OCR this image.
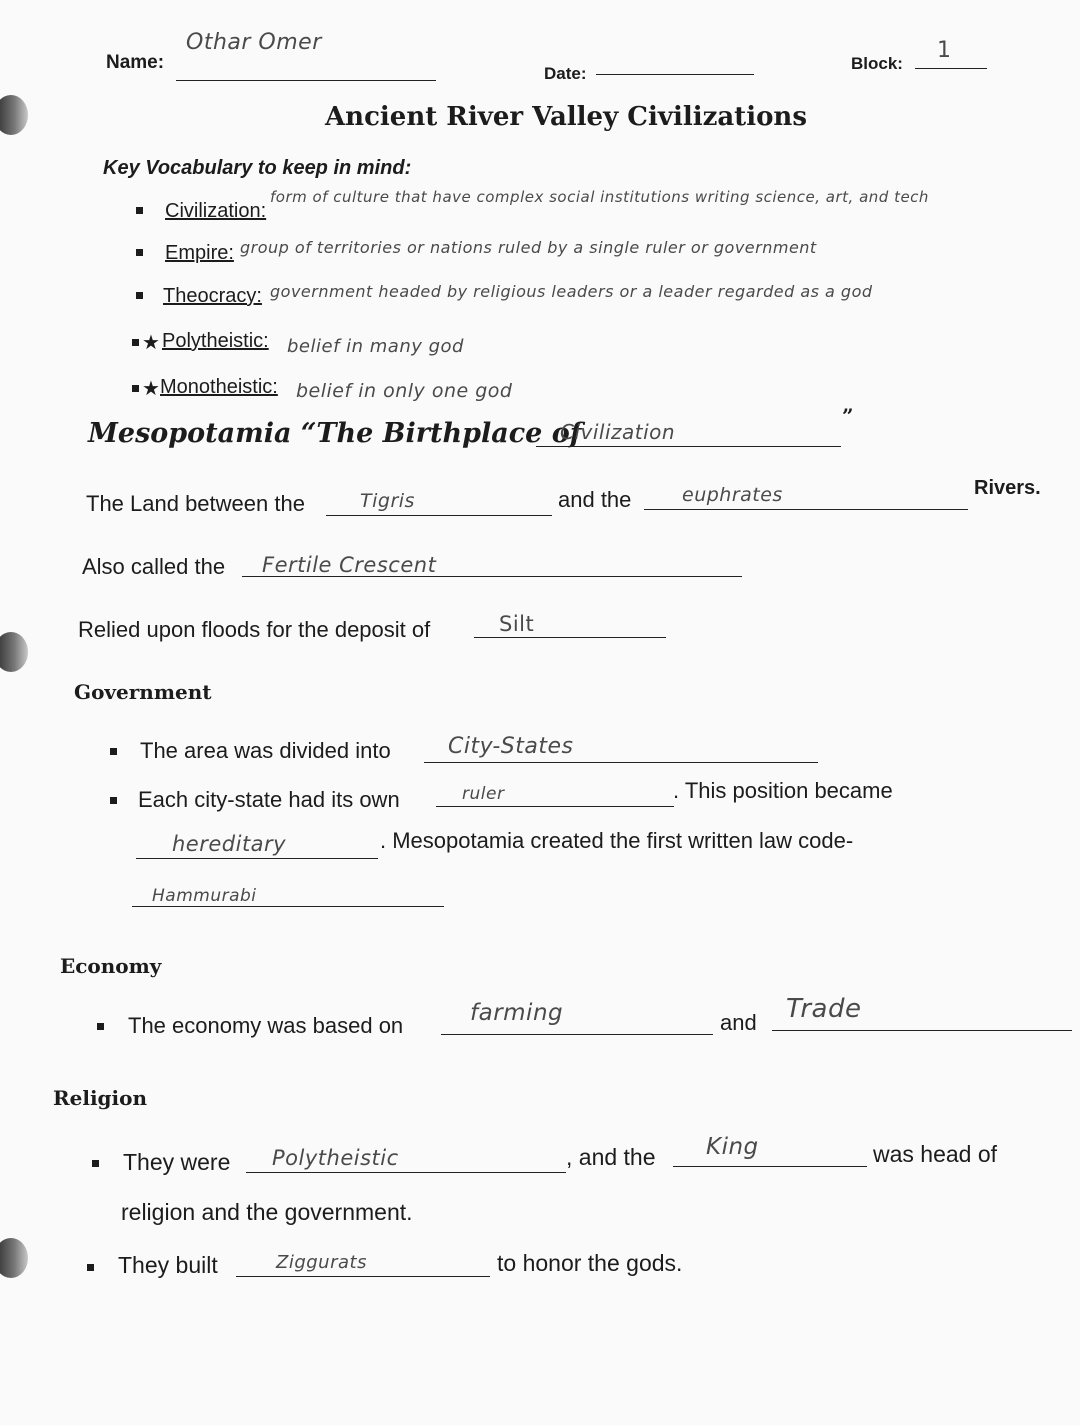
Name:
Othar Omer
Date:
Block:
1
Ancient River Valley Civilizations
Key Vocabulary to keep in mind:
Civilization:
form of culture that have complex social institutions writing science, art, and tech
Empire: group of territories or nations ruled by a single ruler or government
Theocracy: government headed by religious leaders or a leader regarded as a god
★ Polytheistic: belief in many god
★ Monotheistic: belief in only one god
Mesopotamia “The Birthplace of
Civilization
”
The Land between the	Tigris	and the	euphrates	Rivers.
Also called the Fertile Crescent
Relied upon floods for the deposit of	Silt
Government
The area was divided into	City-States
Each city-state had its own	ruler	. This position became
hereditary	. Mesopotamia created the first written law code-
Hammurabi
Economy
The economy was based on	farming	and Trade
Religion
They were Polytheistic	, and the King	was head of
religion and the government.
They built	Ziggurats	to honor the gods.
